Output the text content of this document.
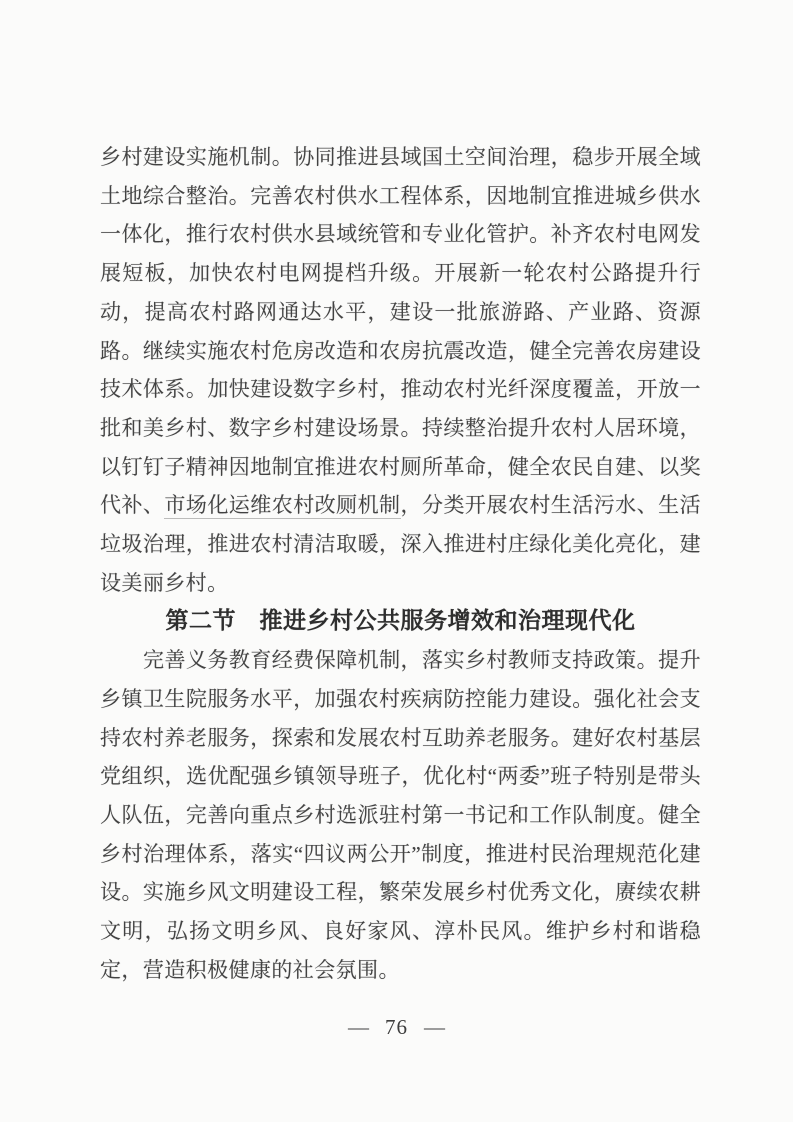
乡村建设实施机制。协同推进县域国土空间治理，稳步开展全域土地综合整治。完善农村供水工程体系，因地制宜推进城乡供水一体化，推行农村供水县域统管和专业化管护。补齐农村电网发展短板，加快农村电网提档升级。开展新一轮农村公路提升行动，提高农村路网通达水平，建设一批旅游路、产业路、资源路。继续实施农村危房改造和农房抗震改造，健全完善农房建设技术体系。加快建设数字乡村，推动农村光纤深度覆盖，开放一批和美乡村、数字乡村建设场景。持续整治提升农村人居环境，以钉钉子精神因地制宜推进农村厕所革命，健全农民自建、以奖代补、市场化运维农村改厕机制，分类开展农村生活污水、生活垃圾治理，推进农村清洁取暖，深入推进村庄绿化美化亮化，建设美丽乡村。

第二节　推进乡村公共服务增效和治理现代化

完善义务教育经费保障机制，落实乡村教师支持政策。提升乡镇卫生院服务水平，加强农村疾病防控能力建设。强化社会支持农村养老服务，探索和发展农村互助养老服务。建好农村基层党组织，选优配强乡镇领导班子，优化村“两委”班子特别是带头人队伍，完善向重点乡村选派驻村第一书记和工作队制度。健全乡村治理体系，落实“四议两公开”制度，推进村民治理规范化建设。实施乡风文明建设工程，繁荣发展乡村优秀文化，赓续农耕文明，弘扬文明乡风、良好家风、淳朴民风。维护乡村和谐稳定，营造积极健康的社会氛围。

— 76 —
